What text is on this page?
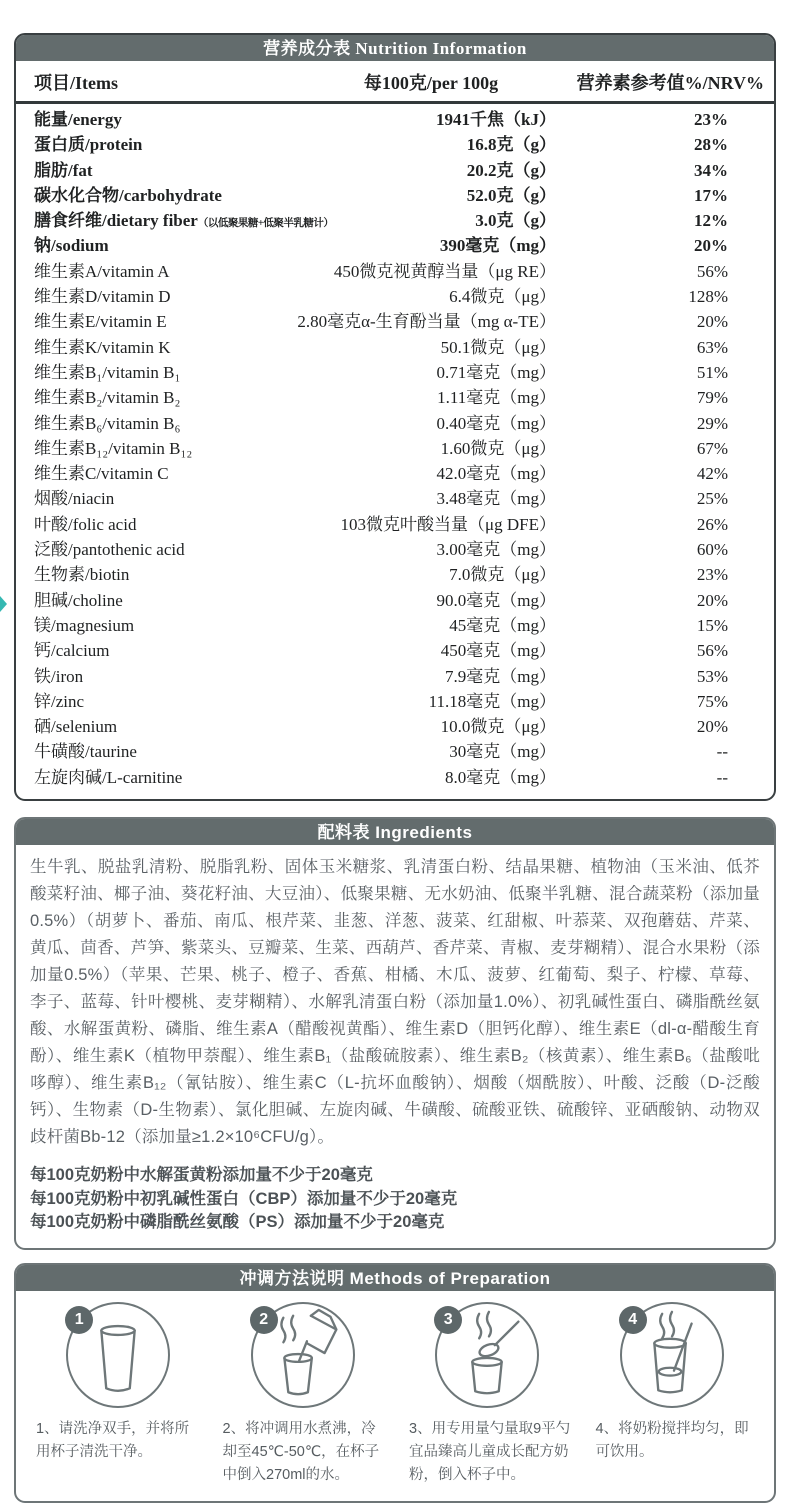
营养成分表 Nutrition Information
项目/Items	每100克/per 100g	营养素参考值%/NRV%
能量/energy	1941千焦（kJ）	23%
蛋白质/protein	16.8克（g）	28%
脂肪/fat	20.2克（g）	34%
碳水化合物/carbohydrate	52.0克（g）	17%
膳食纤维/dietary fiber（以低聚果糖+低聚半乳糖计）	3.0克（g）	12%
钠/sodium	390毫克（mg）	20%
维生素A/vitamin A	450微克视黄醇当量（μg RE）	56%
维生素D/vitamin D	6.4微克（μg）	128%
维生素E/vitamin E	2.80毫克α-生育酚当量（mg α-TE）	20%
维生素K/vitamin K	50.1微克（μg）	63%
维生素B₁/vitamin B₁	0.71毫克（mg）	51%
维生素B₂/vitamin B₂	1.11毫克（mg）	79%
维生素B₆/vitamin B₆	0.40毫克（mg）	29%
维生素B₁₂/vitamin B₁₂	1.60微克（μg）	67%
维生素C/vitamin C	42.0毫克（mg）	42%
烟酸/niacin	3.48毫克（mg）	25%
叶酸/folic acid	103微克叶酸当量（μg DFE）	26%
泛酸/pantothenic acid	3.00毫克（mg）	60%
生物素/biotin	7.0微克（μg）	23%
胆碱/choline	90.0毫克（mg）	20%
镁/magnesium	45毫克（mg）	15%
钙/calcium	450毫克（mg）	56%
铁/iron	7.9毫克（mg）	53%
锌/zinc	11.18毫克（mg）	75%
硒/selenium	10.0微克（μg）	20%
牛磺酸/taurine	30毫克（mg）	--
左旋肉碱/L-carnitine	8.0毫克（mg）	--
配料表 Ingredients

生牛乳、脱盐乳清粉、脱脂乳粉、固体玉米糖浆、乳清蛋白粉、结晶果糖、植物油（玉米油、低芥酸菜籽油、椰子油、葵花籽油、大豆油）、低聚果糖、无水奶油、低聚半乳糖、混合蔬菜粉（添加量0.5%）（胡萝卜、番茄、南瓜、根芹菜、韭葱、洋葱、菠菜、红甜椒、叶菾菜、双孢蘑菇、芹菜、黄瓜、茴香、芦笋、紫菜头、豆瓣菜、生菜、西葫芦、香芹菜、青椒、麦芽糊精）、混合水果粉（添加量0.5%）（苹果、芒果、桃子、橙子、香蕉、柑橘、木瓜、菠萝、红葡萄、梨子、柠檬、草莓、李子、蓝莓、针叶樱桃、麦芽糊精）、水解乳清蛋白粉（添加量1.0%）、初乳碱性蛋白、磷脂酰丝氨酸、水解蛋黄粉、磷脂、维生素A（醋酸视黄酯）、维生素D（胆钙化醇）、维生素E（dl-α-醋酸生育酚）、维生素K（植物甲萘醌）、维生素B₁（盐酸硫胺素）、维生素B₂（核黄素）、维生素B₆（盐酸吡哆醇）、维生素B₁₂（氰钴胺）、维生素C（L-抗坏血酸钠）、烟酸（烟酰胺）、叶酸、泛酸（D-泛酸钙）、生物素（D-生物素）、氯化胆碱、左旋肉碱、牛磺酸、硫酸亚铁、硫酸锌、亚硒酸钠、动物双歧杆菌Bb-12（添加量≥1.2×10⁶CFU/g）。

每100克奶粉中水解蛋黄粉添加量不少于20毫克
每100克奶粉中初乳碱性蛋白（CBP）添加量不少于20毫克
每100克奶粉中磷脂酰丝氨酸（PS）添加量不少于20毫克
冲调方法说明 Methods of Preparation
1	2	3	4

1、请洗净双手，并将所用杯子清洗干净。

2、将冲调用水煮沸，冷却至45℃-50℃，在杯子中倒入270ml的水。

3、用专用量勺量取9平勺宜品臻高儿童成长配方奶粉，倒入杯子中。

4、将奶粉搅拌均匀，即可饮用。
